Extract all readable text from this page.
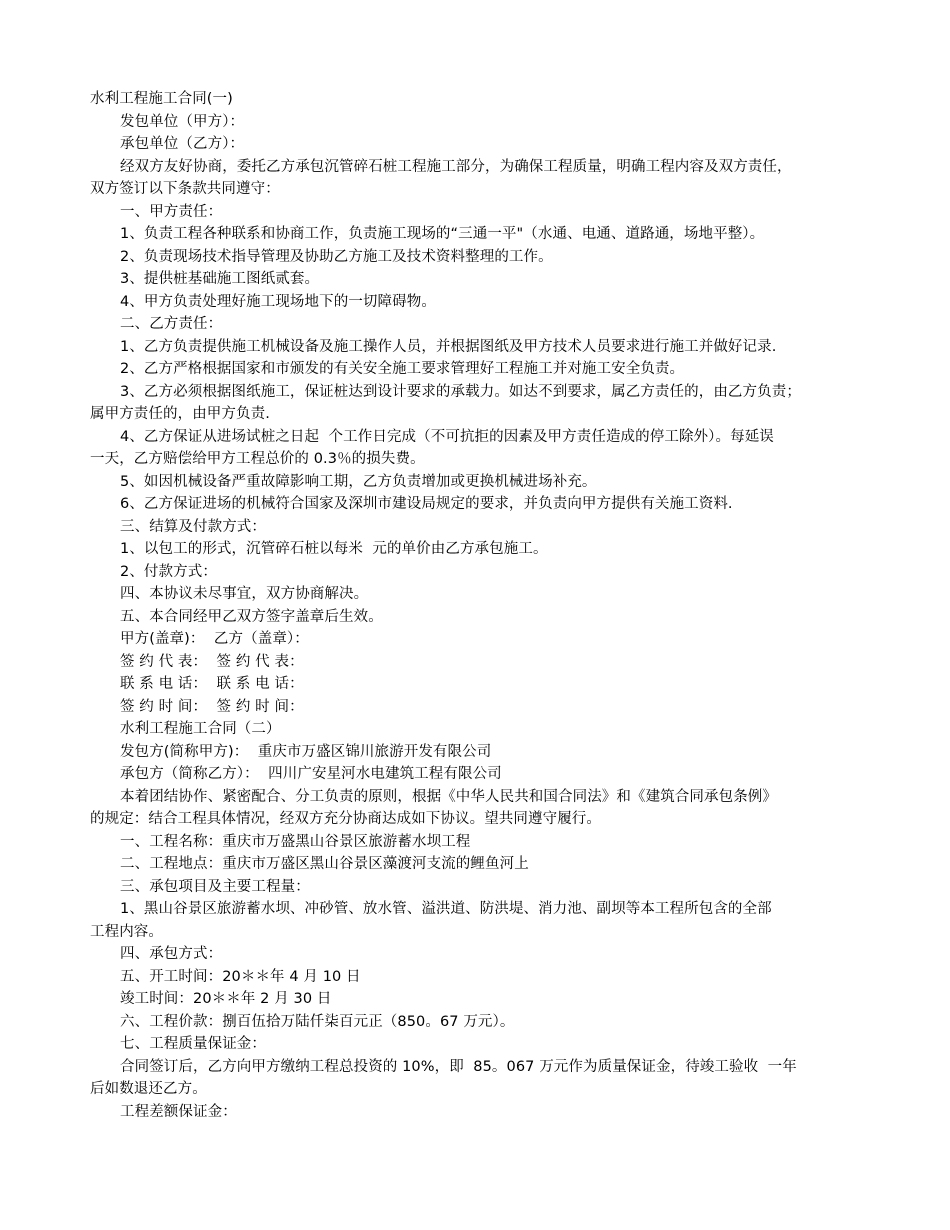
水利工程施工合同(一)
发包单位（甲方）：
承包单位（乙方）：
经双方友好协商，委托乙方承包沉管碎石桩工程施工部分，为确保工程质量，明确工程内容及双方责任，
双方签订以下条款共同遵守：
一、甲方责任：
1、负责工程各种联系和协商工作，负责施工现场的“三通一平"（水通、电通、道路通，场地平整）。
2、负责现场技术指导管理及协助乙方施工及技术资料整理的工作。
3、提供桩基础施工图纸贰套。
4、甲方负责处理好施工现场地下的一切障碍物。
二、乙方责任：
1、乙方负责提供施工机械设备及施工操作人员，并根据图纸及甲方技术人员要求进行施工并做好记录.
2、乙方严格根据国家和市颁发的有关安全施工要求管理好工程施工并对施工安全负责。
3、乙方必须根据图纸施工，保证桩达到设计要求的承载力。如达不到要求，属乙方责任的，由乙方负责；
属甲方责任的，由甲方负责.
4、乙方保证从进场试桩之日起  个工作日完成（不可抗拒的因素及甲方责任造成的停工除外）。每延误
一天，乙方赔偿给甲方工程总价的 0.3％的损失费。
5、如因机械设备严重故障影响工期，乙方负责增加或更换机械进场补充。
6、乙方保证进场的机械符合国家及深圳市建设局规定的要求，并负责向甲方提供有关施工资料.
三、结算及付款方式：
1、以包工的形式，沉管碎石桩以每米  元的单价由乙方承包施工。
2、付款方式：
四、本协议未尽事宜，双方协商解决。
五、本合同经甲乙双方签字盖章后生效。
甲方(盖章)：  乙方（盖章）：
签 约 代 表：  签 约 代 表：
联 系 电 话：  联 系 电 话：
签 约 时 间：  签 约 时 间：
水利工程施工合同（二）
发包方(简称甲方)：  重庆市万盛区锦川旅游开发有限公司
承包方（简称乙方）：  四川广安星河水电建筑工程有限公司
本着团结协作、紧密配合、分工负责的原则，根据《中华人民共和国合同法》和《建筑合同承包条例》
的规定：结合工程具体情况，经双方充分协商达成如下协议。望共同遵守履行。
一、工程名称：重庆市万盛黑山谷景区旅游蓄水坝工程
二、工程地点：重庆市万盛区黑山谷景区藻渡河支流的鲤鱼河上
三、承包项目及主要工程量：
1、黑山谷景区旅游蓄水坝、冲砂管、放水管、溢洪道、防洪堤、消力池、副坝等本工程所包含的全部
工程内容。
四、承包方式：
五、开工时间：20＊＊年 4 月 10 日
竣工时间：20＊＊年 2 月 30 日
六、工程价款：捌百伍拾万陆仟柒百元正（850。67 万元）。
七、工程质量保证金：
合同签订后，乙方向甲方缴纳工程总投资的 10%，即  85。067 万元作为质量保证金，待竣工验收  一年
后如数退还乙方。
工程差额保证金：
